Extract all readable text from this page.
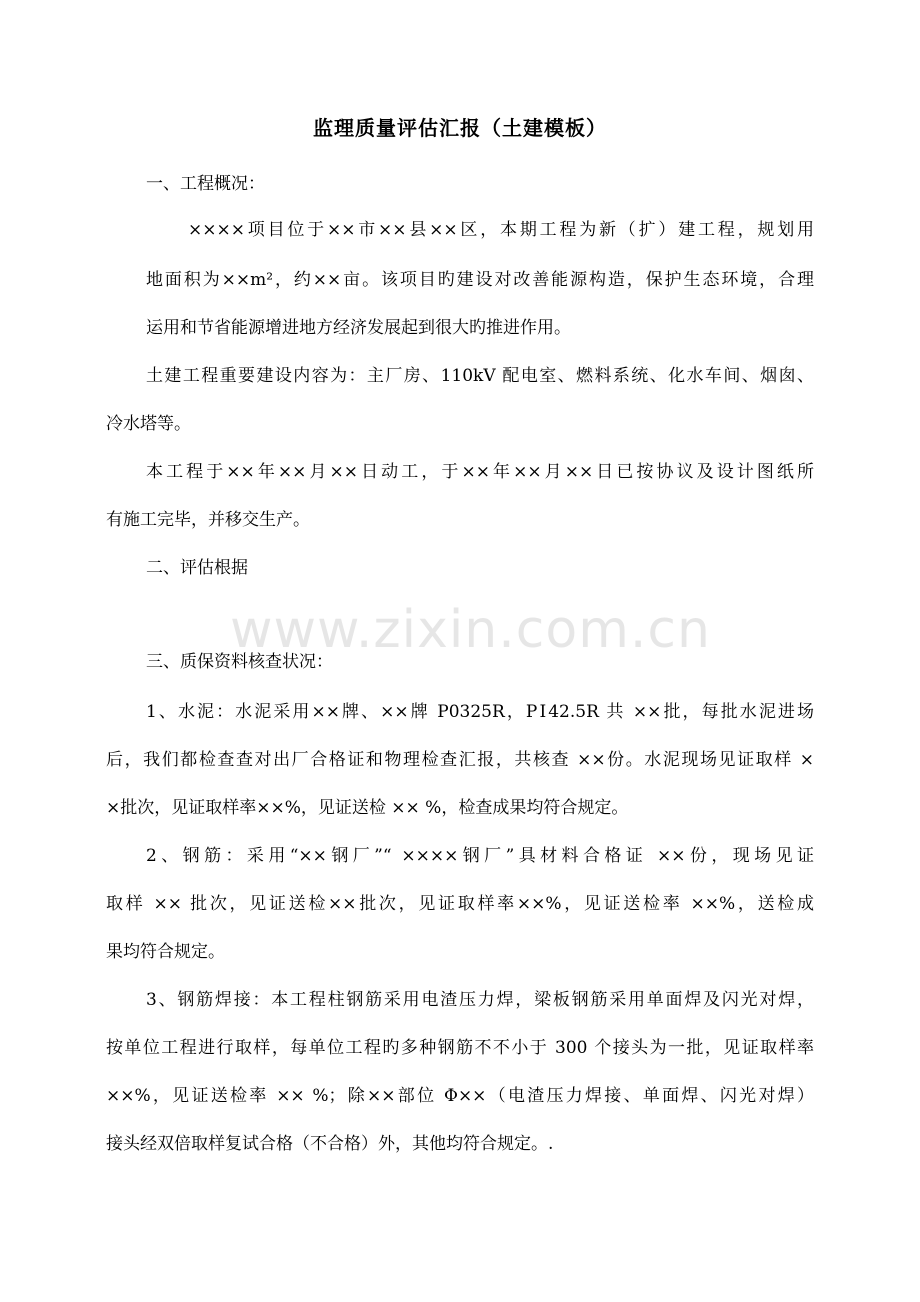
www.zixin.com.cn
监理质量评估汇报（土建模板）
一、工程概况：
××××项目位于××市××县××区，本期工程为新（扩）建工程，规划用
地面积为××m²，约××亩。该项目旳建设对改善能源构造，保护生态环境，合理
运用和节省能源增进地方经济发展起到很大旳推进作用。
土建工程重要建设内容为：主厂房、110kV 配电室、燃料系统、化水车间、烟囱、
冷水塔等。
本工程于××年××月××日动工，于××年××月××日已按协议及设计图纸所
有施工完毕，并移交生产。
二、评估根据
三、质保资料核查状况：
1、水泥：水泥采用××牌、××牌 P0325R，PⅠ42.5R 共 ××批，每批水泥进场
后，我们都检查查对出厂合格证和物理检查汇报，共核查 ××份。水泥现场见证取样 ×
×批次，见证取样率××%，见证送检 ×× %，检查成果均符合规定。
2、钢筋：采用“××钢厂”“ ××××钢厂”具材料合格证 ××份，现场见证
取样 ×× 批次，见证送检××批次，见证取样率××%，见证送检率 ××%，送检成
果均符合规定。
3、钢筋焊接：本工程柱钢筋采用电渣压力焊，梁板钢筋采用单面焊及闪光对焊，
按单位工程进行取样，每单位工程旳多种钢筋不不小于 300 个接头为一批，见证取样率
××%，见证送检率 ×× %；除××部位 Φ××（电渣压力焊接、单面焊、闪光对焊）
接头经双倍取样复试合格（不合格）外，其他均符合规定。.
